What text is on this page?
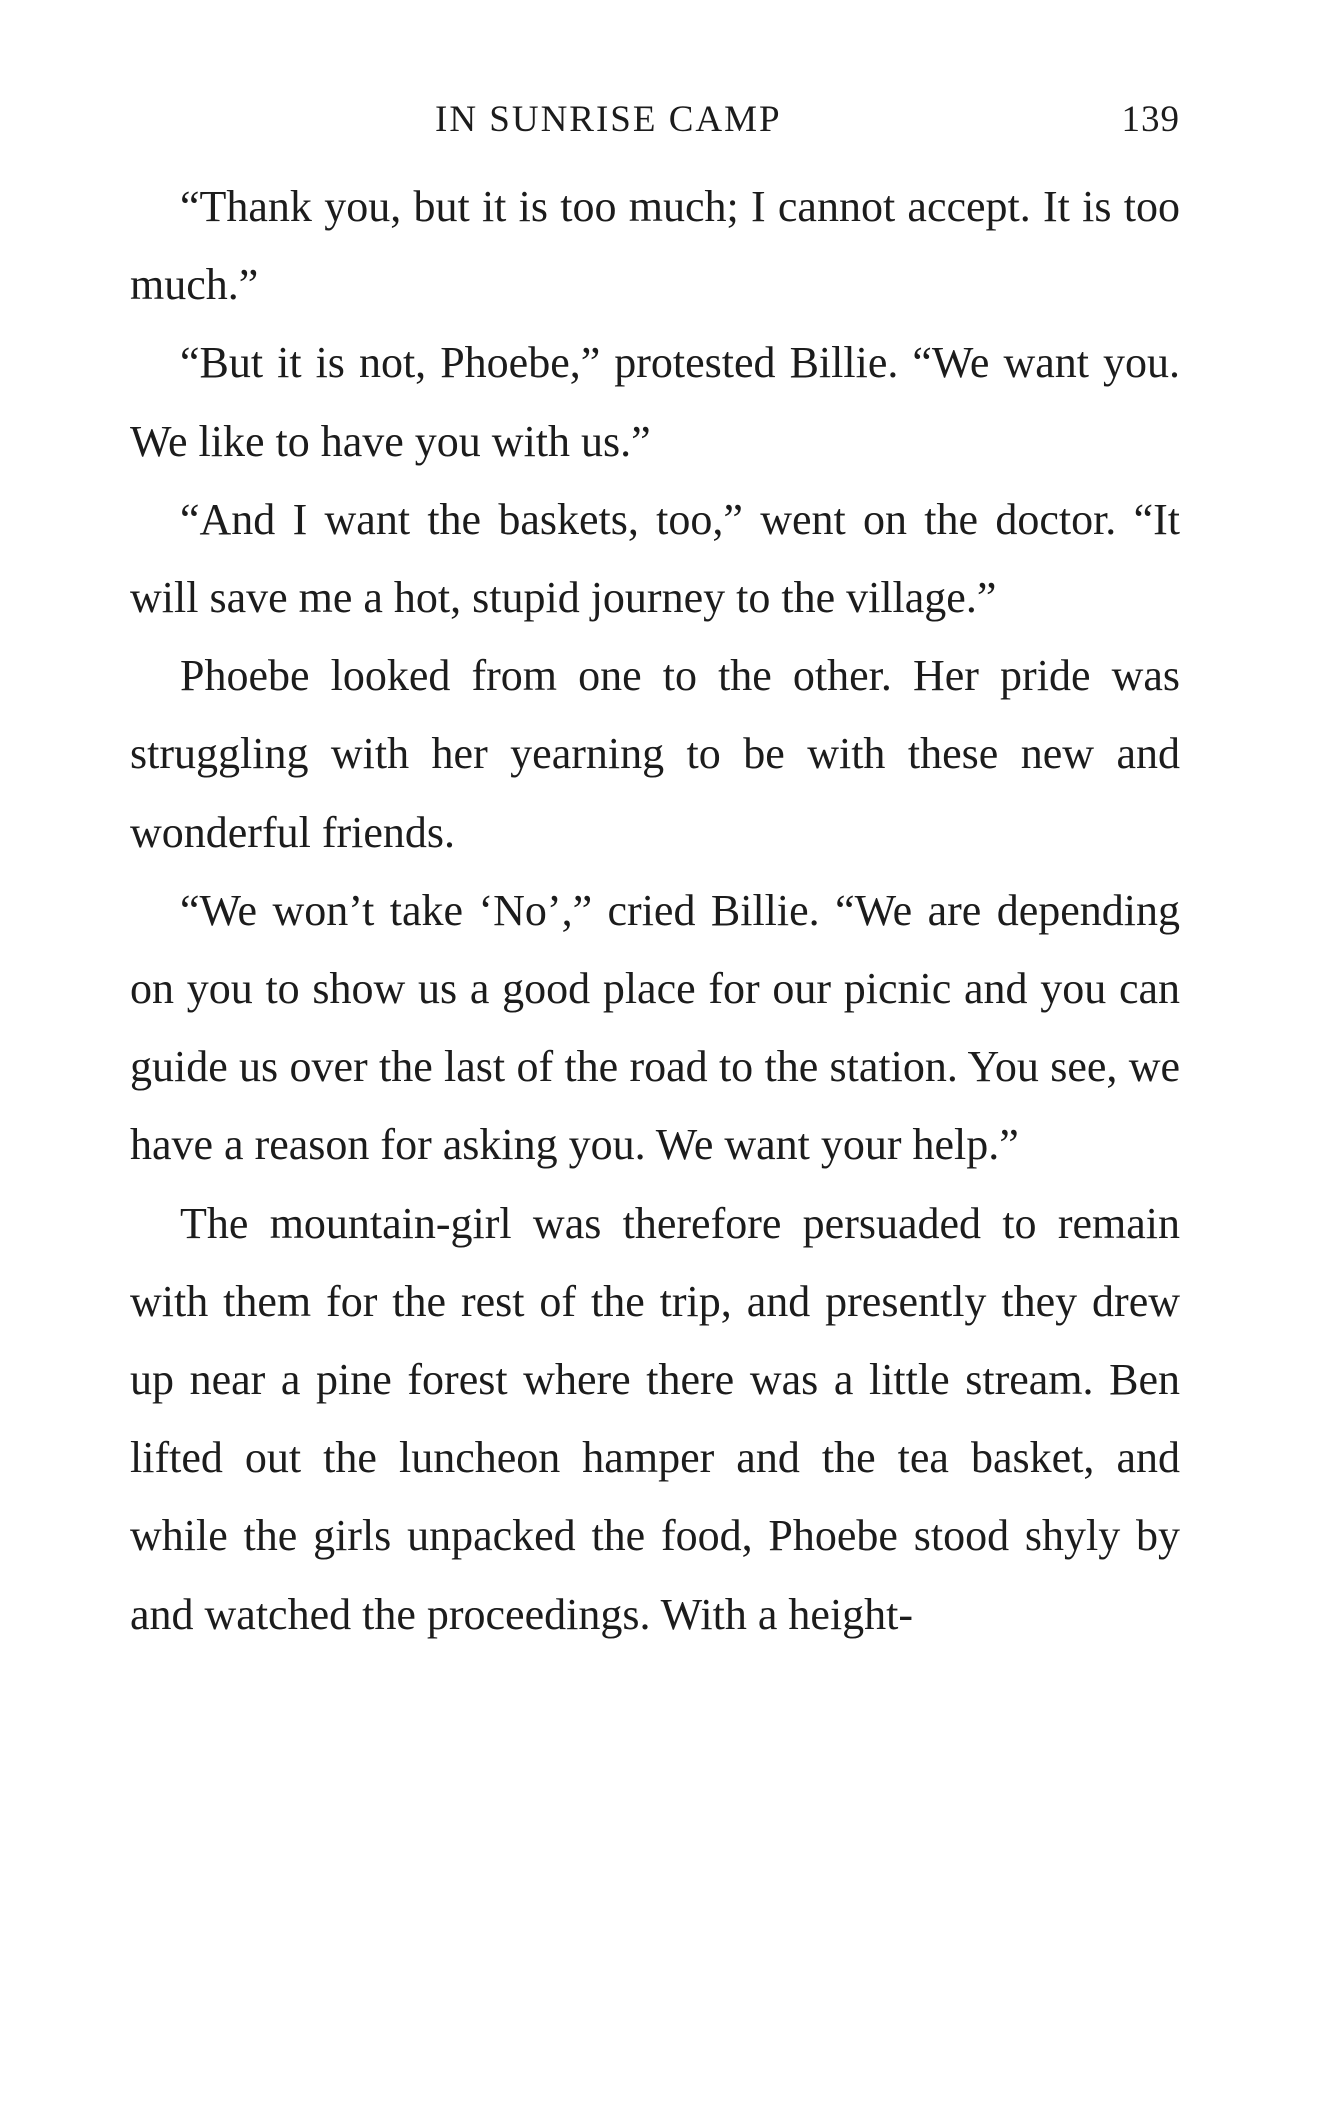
IN SUNRISE CAMP	139

“Thank you, but it is too much; I cannot accept. It is too much.”

“But it is not, Phoebe,” protested Billie. “We want you. We like to have you with us.”

“And I want the baskets, too,” went on the doctor. “It will save me a hot, stupid journey to the village.”

Phoebe looked from one to the other. Her pride was struggling with her yearning to be with these new and wonderful friends.

“We won’t take ‘No’,” cried Billie. “We are depending on you to show us a good place for our picnic and you can guide us over the last of the road to the station. You see, we have a reason for asking you. We want your help.”

The mountain-girl was therefore persuaded to remain with them for the rest of the trip, and presently they drew up near a pine forest where there was a little stream. Ben lifted out the luncheon hamper and the tea basket, and while the girls unpacked the food, Phoebe stood shyly by and watched the proceedings. With a height-
